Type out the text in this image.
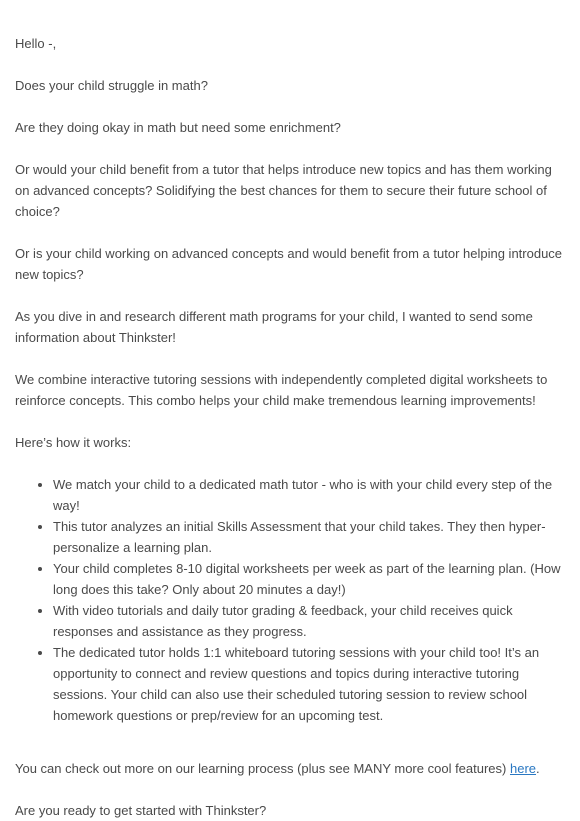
Hello -,

Does your child struggle in math?

Are they doing okay in math but need some enrichment?

Or would your child benefit from a tutor that helps introduce new topics and has them working on advanced concepts? Solidifying the best chances for them to secure their future school of choice?

Or is your child working on advanced concepts and would benefit from a tutor helping introduce new topics?

As you dive in and research different math programs for your child, I wanted to send some information about Thinkster!

We combine interactive tutoring sessions with independently completed digital worksheets to reinforce concepts. This combo helps your child make tremendous learning improvements!

Here’s how it works:

• We match your child to a dedicated math tutor - who is with your child every step of the way!
• This tutor analyzes an initial Skills Assessment that your child takes. They then hyper-personalize a learning plan.
• Your child completes 8-10 digital worksheets per week as part of the learning plan. (How long does this take? Only about 20 minutes a day!)
• With video tutorials and daily tutor grading & feedback, your child receives quick responses and assistance as they progress.
• The dedicated tutor holds 1:1 whiteboard tutoring sessions with your child too! It’s an opportunity to connect and review questions and topics during interactive tutoring sessions. Your child can also use their scheduled tutoring session to review school homework questions or prep/review for an upcoming test.

You can check out more on our learning process (plus see MANY more cool features) here.

Are you ready to get started with Thinkster?
